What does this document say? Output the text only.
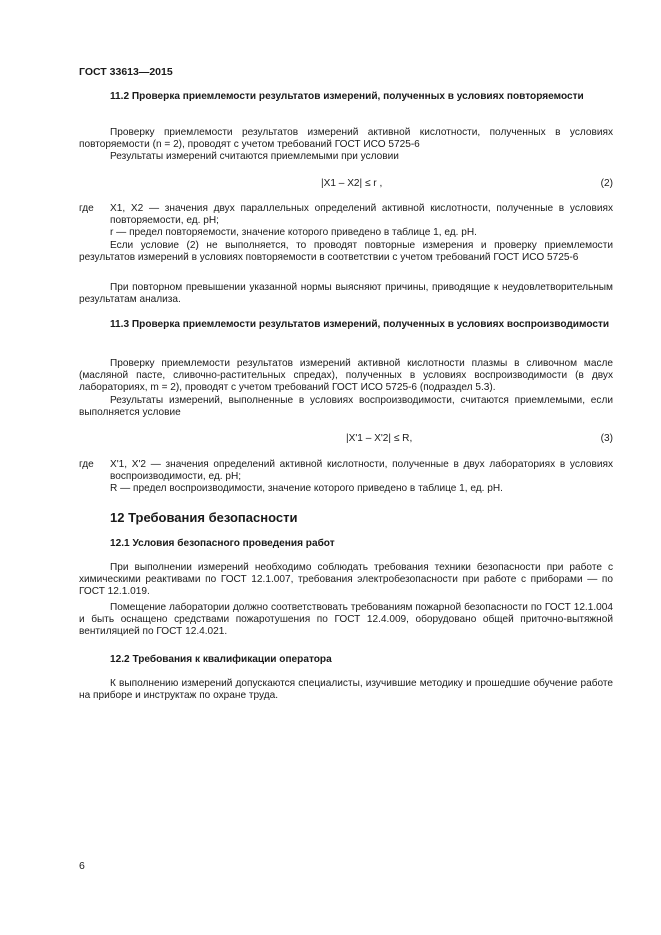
ГОСТ 33613—2015
11.2 Проверка приемлемости результатов измерений, полученных в условиях повторяемости
Проверку приемлемости результатов измерений активной кислотности, полученных в условиях повторяемости (n = 2), проводят с учетом требований ГОСТ ИСО 5725-6
Результаты измерений считаются приемлемыми при условии
|X1 – X2| ≤ r ,	(2)
где X1, X2 — значения двух параллельных определений активной кислотности, полученные в условиях повторяемости, ед. pH;

r — предел повторяемости, значение которого приведено в таблице 1, ед. pH.

Если условие (2) не выполняется, то проводят повторные измерения и проверку приемлемости результатов измерений в условиях повторяемости в соответствии с учетом требований ГОСТ ИСО 5725-6
При повторном превышении указанной нормы выясняют причины, приводящие к неудовлетворительным результатам анализа.
11.3 Проверка приемлемости результатов измерений, полученных в условиях воспроизводимости
Проверку приемлемости результатов измерений активной кислотности плазмы в сливочном масле (масляной пасте, сливочно-растительных спредах), полученных в условиях воспроизводимости (в двух лабораториях, m = 2), проводят с учетом требований ГОСТ ИСО 5725-6 (подраздел 5.3).
Результаты измерений, выполненные в условиях воспроизводимости, считаются приемлемыми, если выполняется условие
|X'1 – X'2| ≤ R,	(3)
где X'1, X'2 — значения определений активной кислотности, полученные в двух лабораториях в условиях воспроизводимости, ед. pH;

R — предел воспроизводимости, значение которого приведено в таблице 1, ед. pH.

12 Требования безопасности
12.1 Условия безопасного проведения работ
При выполнении измерений необходимо соблюдать требования техники безопасности при работе с химическими реактивами по ГОСТ 12.1.007, требования электробезопасности при работе с приборами — по ГОСТ 12.1.019.
Помещение лаборатории должно соответствовать требованиям пожарной безопасности по ГОСТ 12.1.004 и быть оснащено средствами пожаротушения по ГОСТ 12.4.009, оборудовано общей приточно-вытяжной вентиляцией по ГОСТ 12.4.021.
12.2 Требования к квалификации оператора
К выполнению измерений допускаются специалисты, изучившие методику и прошедшие обучение работе на приборе и инструктаж по охране труда.
6
